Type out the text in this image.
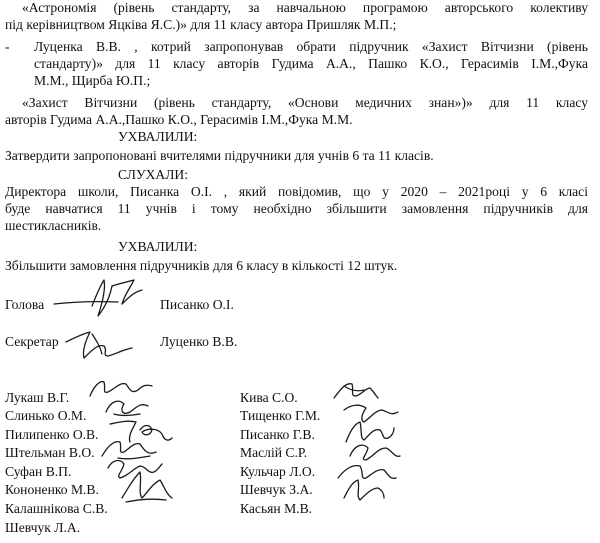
«Астрономія (рівень стандарту, за навчальною програмою авторського колективу
під керівництвом Яцківа Я.С.)» для 11 класу автора Пришляк М.П.;
- Луценка В.В. , котрий запропонував обрати підручник «Захист Вітчизни (рівень
стандарту)» для 11 класу авторів Гудима А.А., Пашко К.О., Герасимів І.М.,Фука
М.М., Щирба Ю.П.;
«Захист Вітчизни (рівень стандарту, «Основи медичних знан»)» для 11 класу
авторів Гудима А.А.,Пашко К.О., Герасимів І.М.,Фука М.М.
УХВАЛИЛИ:
Затвердити запропоновані вчителями підручники для учнів 6 та 11 класів.
СЛУХАЛИ:
Директора школи, Писанка О.І. , який повідомив, що у 2020 – 2021році у 6 класі
буде навчатися 11 учнів і тому необхідно збільшити замовлення підручників для
шестикласників.
УХВАЛИЛИ:
Збільшити замовлення підручників для 6 класу в кількості 12 штук.
Голова	Писанко О.І.
Секретар	Луценко В.В.
Лукаш В.Г.
Слинько О.М.
Пилипенко О.В.
Штельман В.О.
Суфан В.П.
Кононенко М.В.
Калашнікова С.В.
Шевчук Л.А.
Кива С.О.
Тищенко Г.М.
Писанко Г.В.
Маслій С.Р.
Кульчар Л.О.
Шевчук З.А.
Касьян М.В.
